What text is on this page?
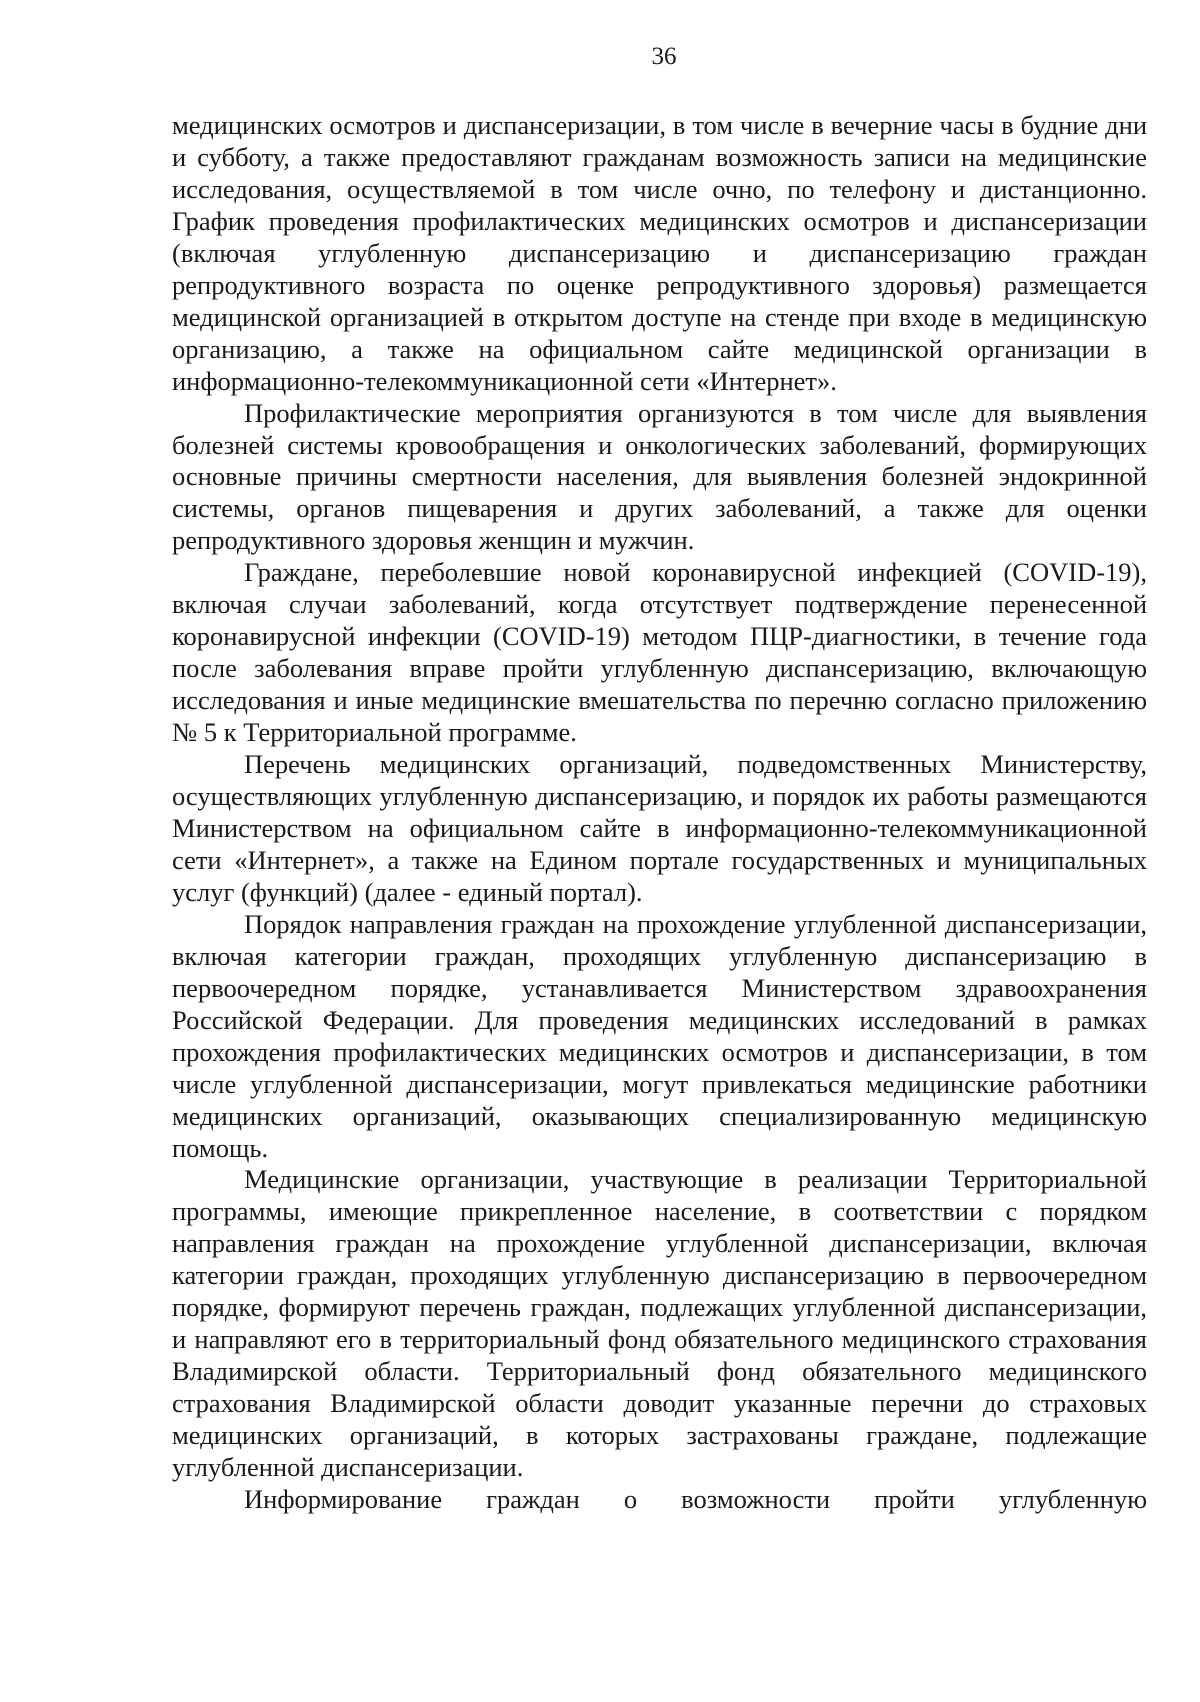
36

медицинских осмотров и диспансеризации, в том числе в вечерние часы в будние дни и субботу, а также предоставляют гражданам возможность записи на медицинские исследования, осуществляемой в том числе очно, по телефону и дистанционно. График проведения профилактических медицинских осмотров и диспансеризации (включая углубленную диспансеризацию и диспансеризацию граждан репродуктивного возраста по оценке репродуктивного здоровья) размещается медицинской организацией в открытом доступе на стенде при входе в медицинскую организацию, а также на официальном сайте медицинской организации в информационно-телекоммуникационной сети «Интернет».

Профилактические мероприятия организуются в том числе для выявления болезней системы кровообращения и онкологических заболеваний, формирующих основные причины смертности населения, для выявления болезней эндокринной системы, органов пищеварения и других заболеваний, а также для оценки репродуктивного здоровья женщин и мужчин.

Граждане, переболевшие новой коронавирусной инфекцией (COVID-19), включая случаи заболеваний, когда отсутствует подтверждение перенесенной коронавирусной инфекции (COVID-19) методом ПЦР-диагностики, в течение года после заболевания вправе пройти углубленную диспансеризацию, включающую исследования и иные медицинские вмешательства по перечню согласно приложению № 5 к Территориальной программе.

Перечень медицинских организаций, подведомственных Министерству, осуществляющих углубленную диспансеризацию, и порядок их работы размещаются Министерством на официальном сайте в информационно-телекоммуникационной сети «Интернет», а также на Едином портале государственных и муниципальных услуг (функций) (далее - единый портал).

Порядок направления граждан на прохождение углубленной диспансеризации, включая категории граждан, проходящих углубленную диспансеризацию в первоочередном порядке, устанавливается Министерством здравоохранения Российской Федерации. Для проведения медицинских исследований в рамках прохождения профилактических медицинских осмотров и диспансеризации, в том числе углубленной диспансеризации, могут привлекаться медицинские работники медицинских организаций, оказывающих специализированную медицинскую помощь.

Медицинские организации, участвующие в реализации Территориальной программы, имеющие прикрепленное население, в соответствии с порядком направления граждан на прохождение углубленной диспансеризации, включая категории граждан, проходящих углубленную диспансеризацию в первоочередном порядке, формируют перечень граждан, подлежащих углубленной диспансеризации, и направляют его в территориальный фонд обязательного медицинского страхования Владимирской области. Территориальный фонд обязательного медицинского страхования Владимирской области доводит указанные перечни до страховых медицинских организаций, в которых застрахованы граждане, подлежащие углубленной диспансеризации.

Информирование граждан о возможности пройти углубленную
